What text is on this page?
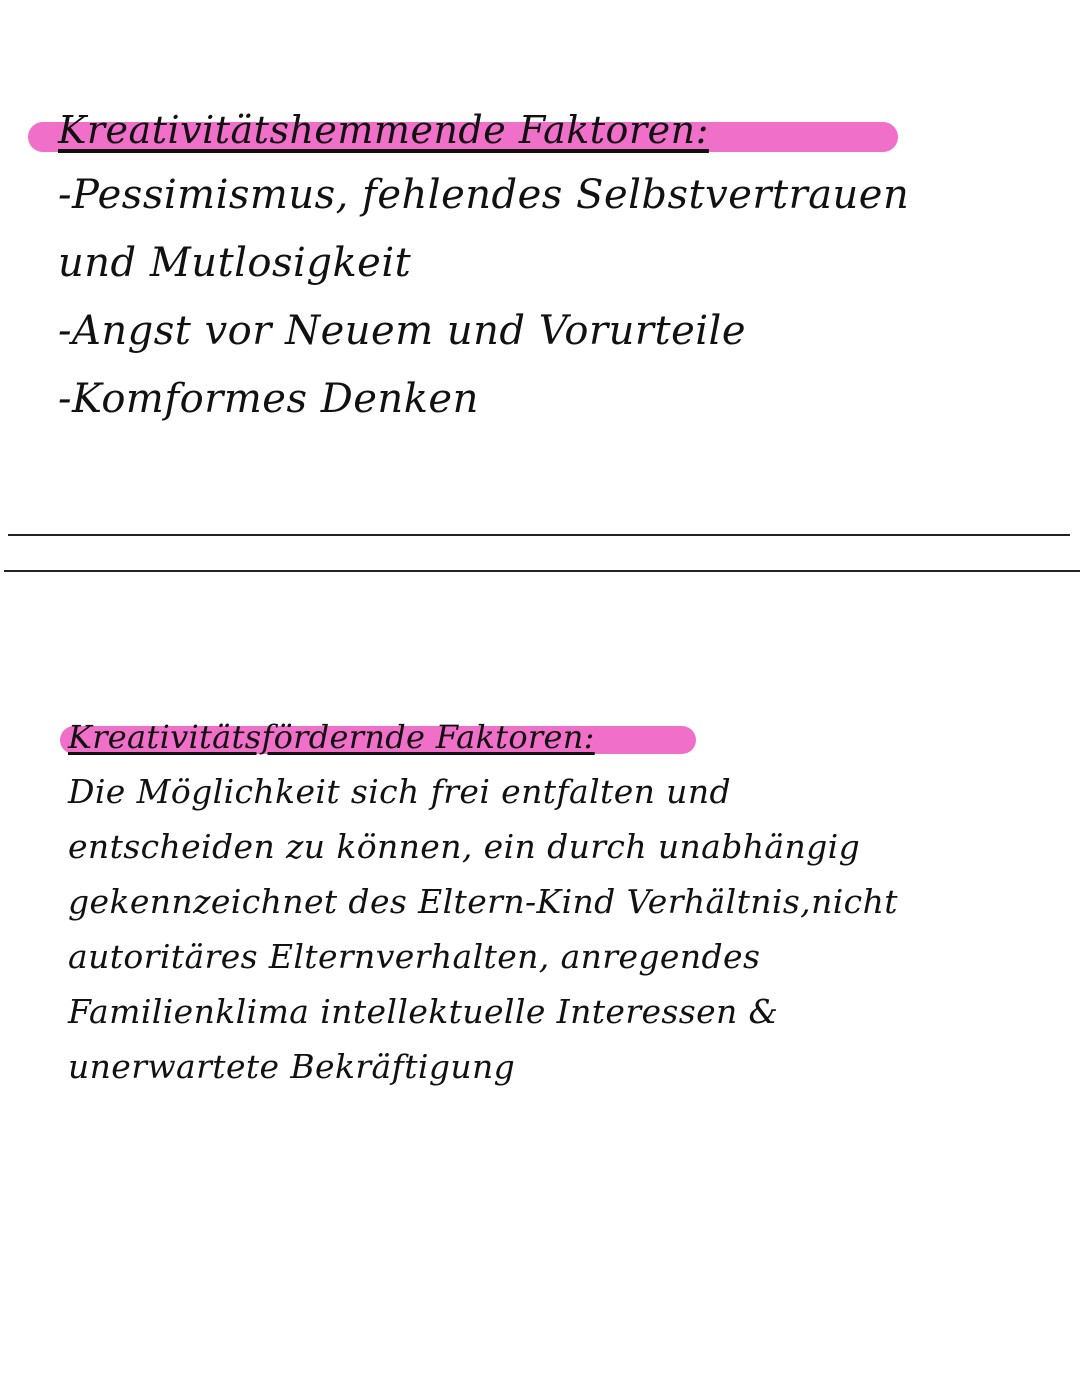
Kreativitätshemmende Faktoren:
-Pessimismus, fehlendes Selbstvertrauen
und Mutlosigkeit
-Angst vor Neuem und Vorurteile
-Komformes Denken
Kreativitätsfördernde Faktoren:
Die Möglichkeit sich frei entfalten und
entscheiden zu können, ein durch unabhängig
gekennzeichnet des Eltern-Kind Verhältnis,nicht
autoritäres Elternverhalten, anregendes
Familienklima intellektuelle Interessen &
unerwartete Bekräftigung
